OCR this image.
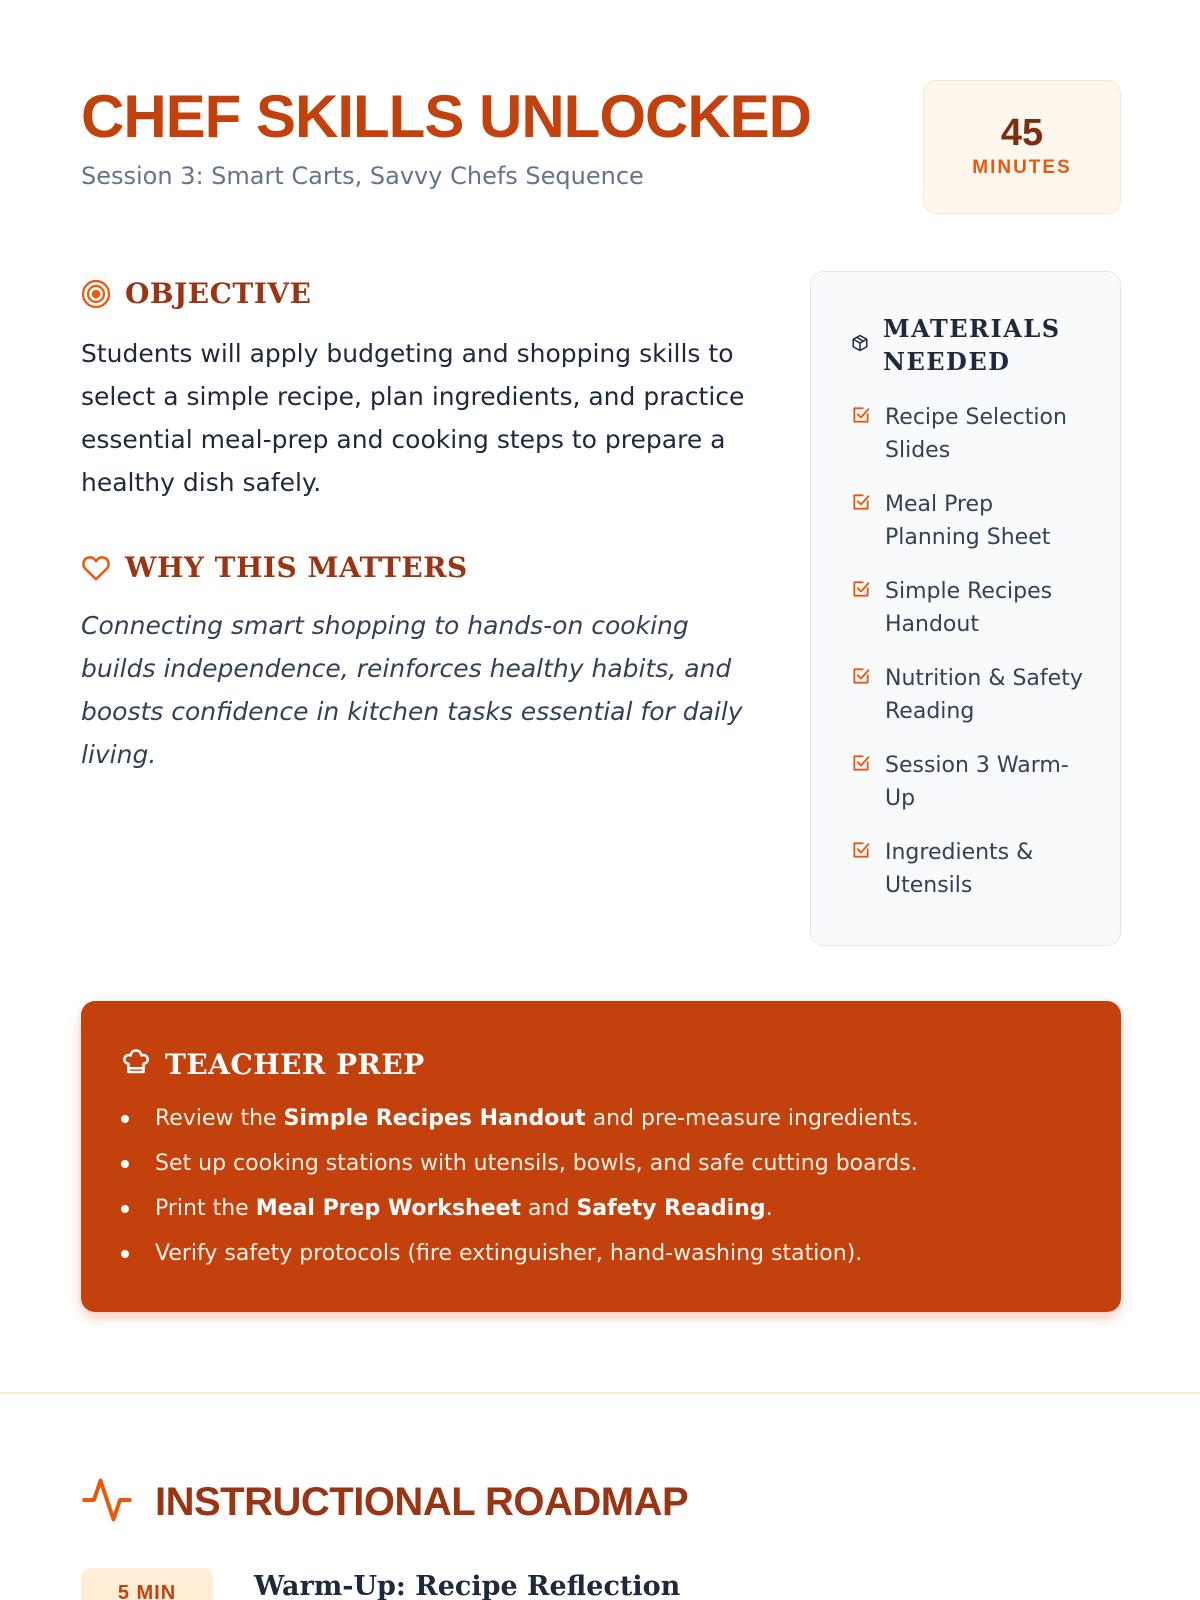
CHEF SKILLS UNLOCKED

Session 3: Smart Carts, Savvy Chefs Sequence

45
MINUTES
OBJECTIVE

Students will apply budgeting and shopping skills to select a simple recipe, plan ingredients, and practice essential meal-prep and cooking steps to prepare a healthy dish safely.

WHY THIS MATTERS

Connecting smart shopping to hands-on cooking builds independence, reinforces healthy habits, and boosts confidence in kitchen tasks essential for daily living.

MATERIALS NEEDED
Recipe Selection Slides
Meal Prep Planning Sheet
Simple Recipes Handout
Nutrition & Safety Reading
Session 3 Warm-Up
Ingredients & Utensils
TEACHER PREP
Review the Simple Recipes Handout and pre-measure ingredients.
Set up cooking stations with utensils, bowls, and safe cutting boards.
Print the Meal Prep Worksheet and Safety Reading.
Verify safety protocols (fire extinguisher, hand-washing station).
INSTRUCTIONAL ROADMAP
5 MIN	Warm-Up: Recipe Reflection
